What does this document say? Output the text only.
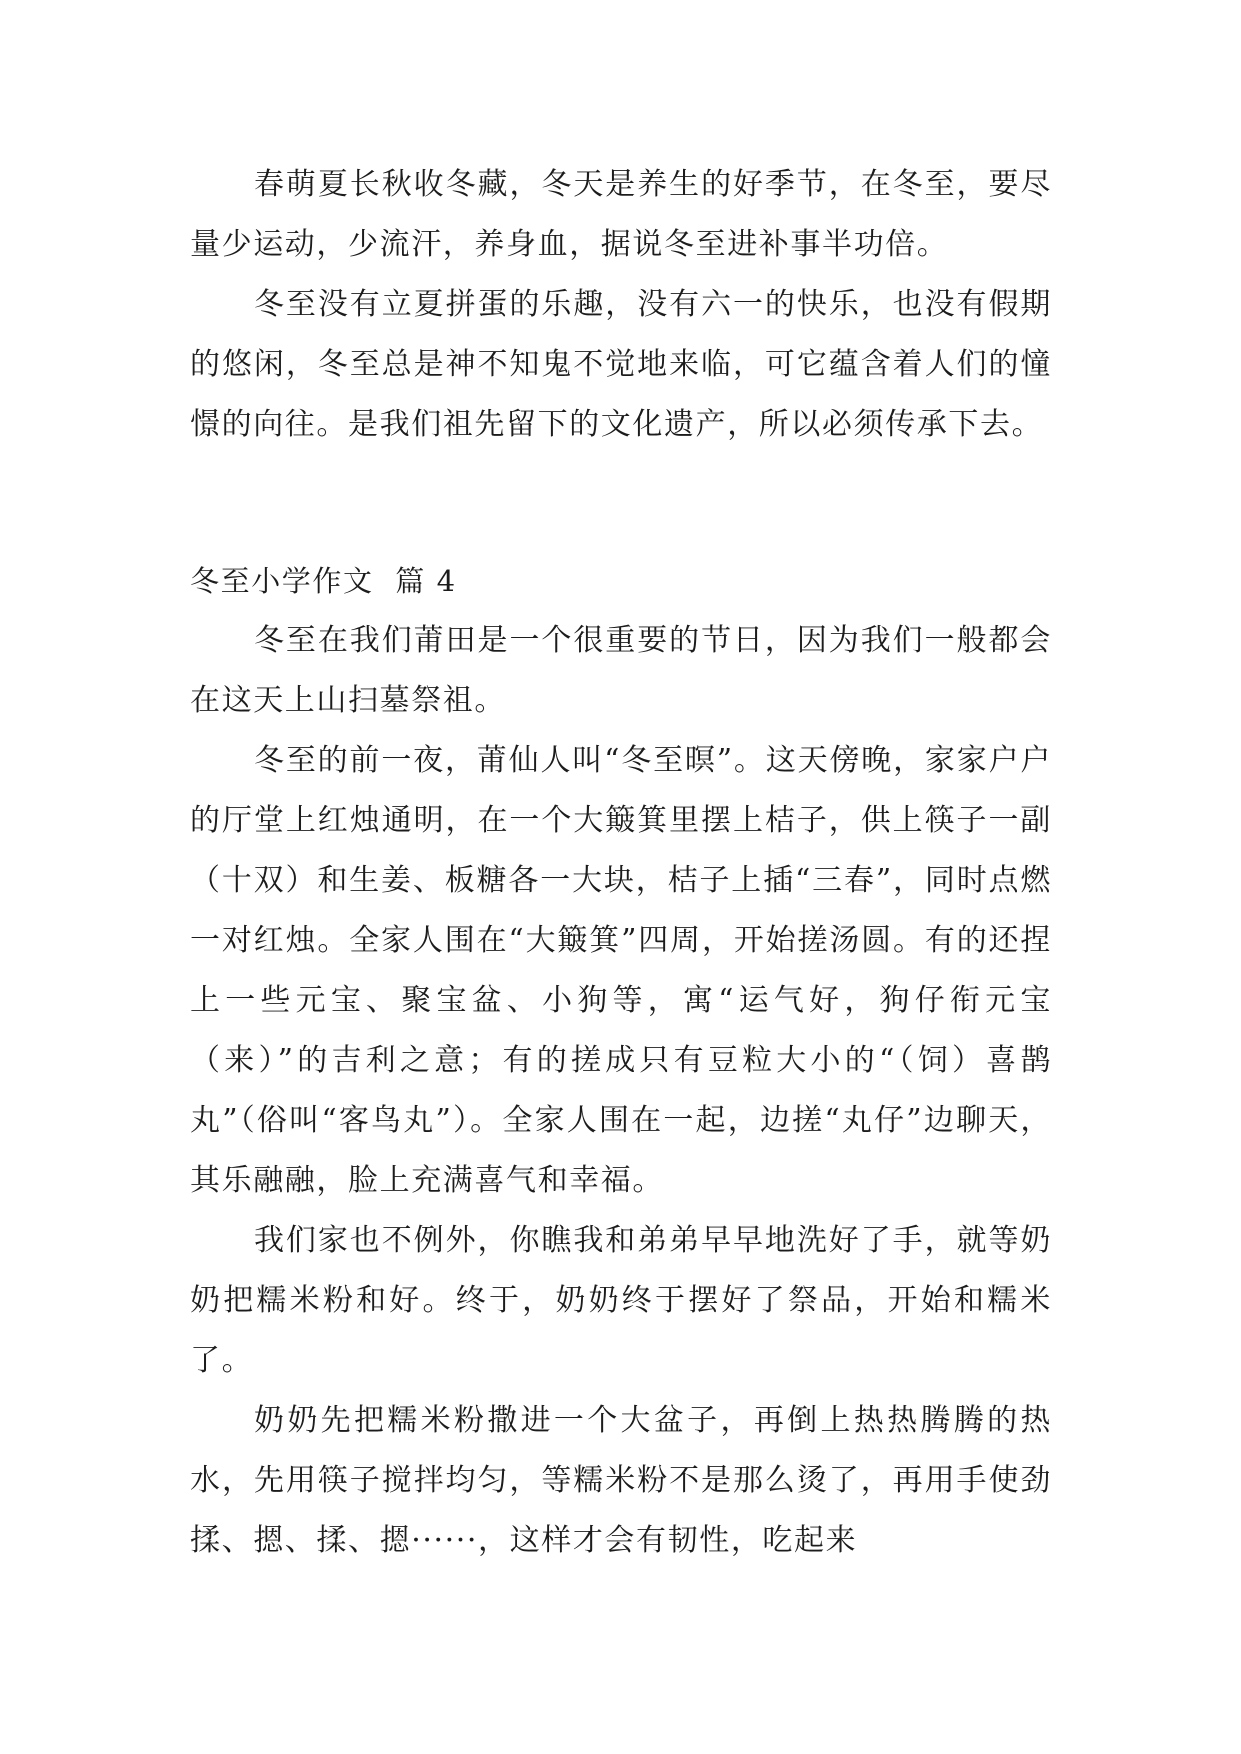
春萌夏长秋收冬藏，冬天是养生的好季节，在冬至，要尽量少运动，少流汗，养身血，据说冬至进补事半功倍。

冬至没有立夏拼蛋的乐趣，没有六一的快乐，也没有假期的悠闲，冬至总是神不知鬼不觉地来临，可它蕴含着人们的憧憬的向往。是我们祖先留下的文化遗产，所以必须传承下去。

冬至小学作文  篇 4

冬至在我们莆田是一个很重要的节日，因为我们一般都会在这天上山扫墓祭祖。

冬至的前一夜，莆仙人叫“冬至暝”。这天傍晚，家家户户的厅堂上红烛通明，在一个大簸箕里摆上桔子，供上筷子一副（十双）和生姜、板糖各一大块，桔子上插“三春”，同时点燃一对红烛。全家人围在“大簸箕”四周，开始搓汤圆。有的还捏上一些元宝、聚宝盆、小狗等，寓“运气好，狗仔衔元宝（来）”的吉利之意；有的搓成只有豆粒大小的“（饲）喜鹊丸”（俗叫“客鸟丸”）。全家人围在一起，边搓“丸仔”边聊天，其乐融融，脸上充满喜气和幸福。

我们家也不例外，你瞧我和弟弟早早地洗好了手，就等奶奶把糯米粉和好。终于，奶奶终于摆好了祭品，开始和糯米了。

奶奶先把糯米粉撒进一个大盆子，再倒上热热腾腾的热水，先用筷子搅拌均匀，等糯米粉不是那么烫了，再用手使劲揉、摁、揉、摁······，这样才会有韧性，吃起来
